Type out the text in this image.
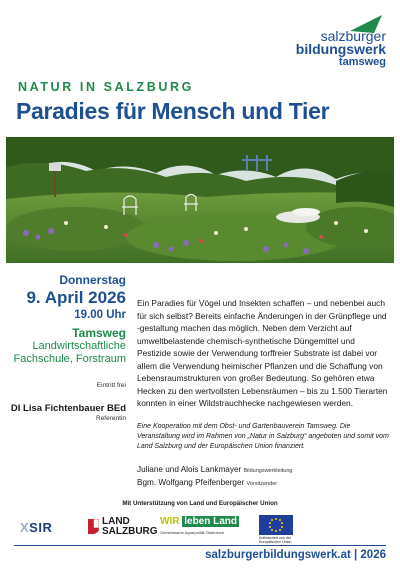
salzburger
bildungswerk
tamsweg
NATUR IN SALZBURG
Paradies für Mensch und Tier
Donnerstag
9. April 2026
19.00 Uhr
Tamsweg
Landwirtschaftliche
Fachschule, Forstraum
Eintritt frei
DI Lisa Fichtenbauer BEd
Referentin
Ein Paradies für Vögel und Insekten schaffen – und nebenbei auch für sich selbst? Bereits einfache Änderungen in der Grünpflege und -gestaltung machen das möglich. Neben dem Verzicht auf umweltbelastende chemisch-synthetische Düngemittel und Pestizide sowie der Verwendung torffreier Substrate ist dabei vor allem die Verwendung heimischer Pflanzen und die Schaffung von Lebensraumstrukturen von großer Bedeutung. So gehören etwa Hecken zu den wertvollsten Lebensräumen – bis zu 1.500 Tierarten konnten in einer Wildstrauchhecke nachgewiesen werden.
Eine Kooperation mit dem Obst- und Gartenbauverein Tamsweg. Die Veranstaltung wird im Rahmen von „Natur in Salzburg“ angeboten und somit vom Land Salzburg und der Europäischen Union finanziert.
Juliane und Alois Lankmayer Bildungswerkleitung
Bgm. Wolfgang Pfeifenberger Vorsitzender
Mit Unterstützung von Land und Europäischer Union
XSIR	LAND
SALZBURG
WIR leben Land
Gemeinsame Agrarpolitik Österreich
Kofinanziert von der
Europäischen Union
salzburgerbildungswerk.at | 2026
